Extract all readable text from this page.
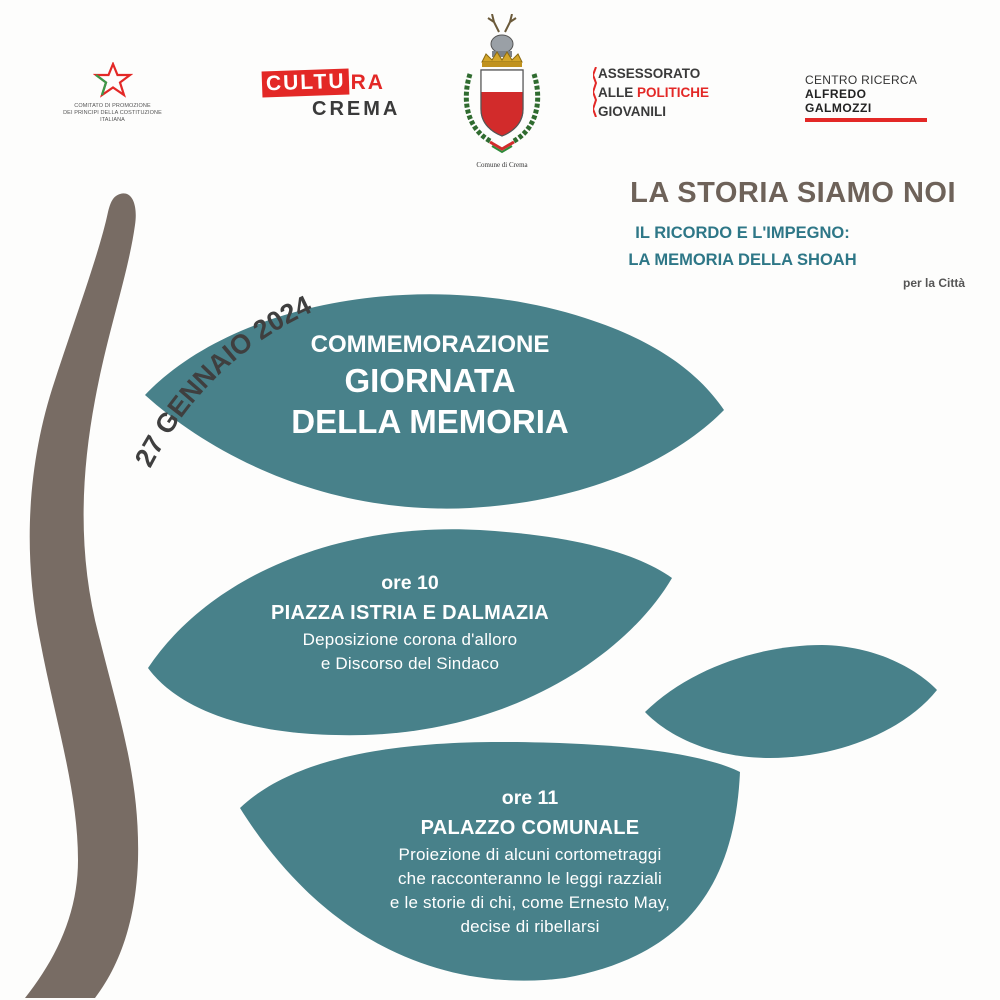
COMITATO DI PROMOZIONE
DEI PRINCIPI DELLA COSTITUZIONE ITALIANA
CULTU RA
CREMA
Comune di Crema
ASSESSORATO
ALLE POLITICHE
GIOVANILI
CENTRO RICERCA
ALFREDO GALMOZZI
LA STORIA SIAMO NOI
IL RICORDO E L'IMPEGNO:
LA MEMORIA DELLA SHOAH
per la Città
27 GENNAIO 2024
COMMEMORAZIONE
GIORNATA
DELLA MEMORIA
ore 10
PIAZZA ISTRIA E DALMAZIA
Deposizione corona d'alloro
e Discorso del Sindaco
ore 11
PALAZZO COMUNALE
Proiezione di alcuni cortometraggi
che racconteranno le leggi razziali
e le storie di chi, come Ernesto May,
decise di ribellarsi
